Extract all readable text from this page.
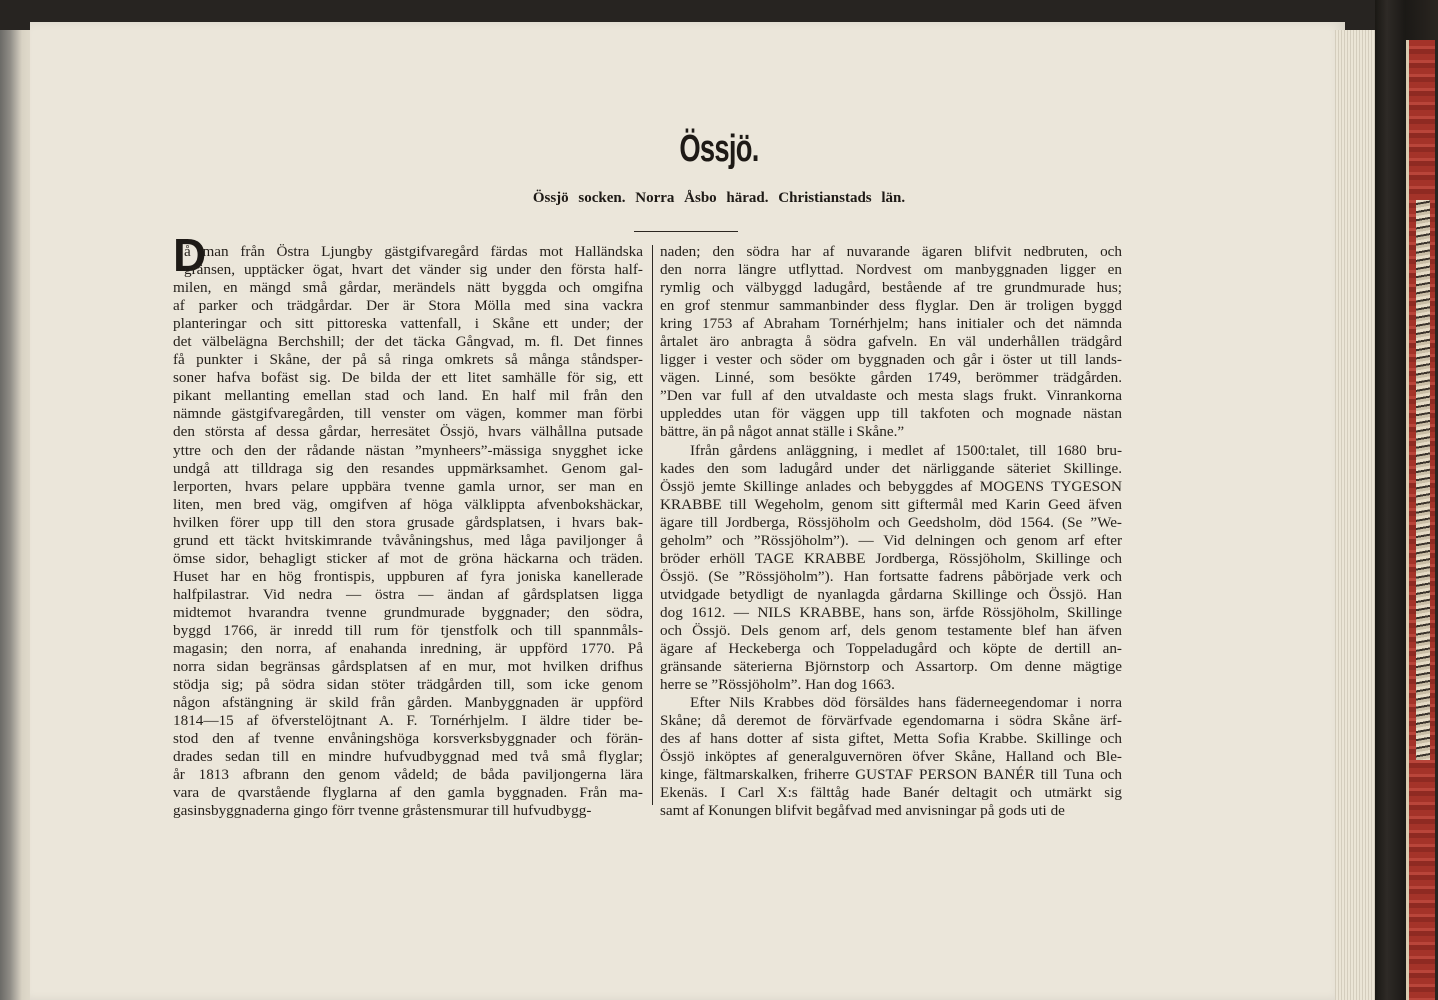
Össjö.
Össjö socken. Norra Åsbo härad. Christianstads län.
D
å man från Östra Ljungby gästgifvaregård färdas mot Halländska
gränsen, upptäcker ögat, hvart det vänder sig under den första half-
milen, en mängd små gårdar, merändels nätt byggda och omgifna
af parker och trädgårdar. Der är Stora Mölla med sina vackra
planteringar och sitt pittoreska vattenfall, i Skåne ett under; der
det välbelägna Berchshill; der det täcka Gångvad, m. fl. Det finnes
få punkter i Skåne, der på så ringa omkrets så många ståndsper-
soner hafva bofäst sig. De bilda der ett litet samhälle för sig, ett
pikant mellanting emellan stad och land. En half mil från den
nämnde gästgifvaregården, till venster om vägen, kommer man förbi
den största af dessa gårdar, herresätet Össjö, hvars välhållna putsade
yttre och den der rådande nästan ”mynheers”-mässiga snygghet icke
undgå att tilldraga sig den resandes uppmärksamhet. Genom gal-
lerporten, hvars pelare uppbära tvenne gamla urnor, ser man en
liten, men bred väg, omgifven af höga välklippta afvenbokshäckar,
hvilken förer upp till den stora grusade gårdsplatsen, i hvars bak-
grund ett täckt hvitskimrande tvåvåningshus, med låga paviljonger å
ömse sidor, behagligt sticker af mot de gröna häckarna och träden.
Huset har en hög frontispis, uppburen af fyra joniska kanellerade
halfpilastrar. Vid nedra — östra — ändan af gårdsplatsen ligga
midtemot hvarandra tvenne grundmurade byggnader; den södra,
byggd 1766, är inredd till rum för tjenstfolk och till spannmåls-
magasin; den norra, af enahanda inredning, är uppförd 1770. På
norra sidan begränsas gårdsplatsen af en mur, mot hvilken drifhus
stödja sig; på södra sidan stöter trädgården till, som icke genom
någon afstängning är skild från gården. Manbyggnaden är uppförd
1814—15 af öfverstelöjtnant A. F. Tornérhjelm. I äldre tider be-
stod den af tvenne envåningshöga korsverksbyggnader och förän-
drades sedan till en mindre hufvudbyggnad med två små flyglar;
år 1813 afbrann den genom vådeld; de båda paviljongerna lära
vara de qvarstående flyglarna af den gamla byggnaden. Från ma-
gasinsbyggnaderna gingo förr tvenne gråstensmurar till hufvudbygg-
naden; den södra har af nuvarande ägaren blifvit nedbruten, och
den norra längre utflyttad. Nordvest om manbyggnaden ligger en
rymlig och välbyggd ladugård, bestående af tre grundmurade hus;
en grof stenmur sammanbinder dess flyglar. Den är troligen byggd
kring 1753 af Abraham Tornérhjelm; hans initialer och det nämnda
årtalet äro anbragta å södra gafveln. En väl underhållen trädgård
ligger i vester och söder om byggnaden och går i öster ut till lands-
vägen. Linné, som besökte gården 1749, berömmer trädgården.
”Den var full af den utvaldaste och mesta slags frukt. Vinrankorna
uppleddes utan för väggen upp till takfoten och mognade nästan
bättre, än på något annat ställe i Skåne.”
Ifrån gårdens anläggning, i medlet af 1500:talet, till 1680 bru-
kades den som ladugård under det närliggande säteriet Skillinge.
Össjö jemte Skillinge anlades och bebyggdes af MOGENS TYGESON
KRABBE till Wegeholm, genom sitt giftermål med Karin Geed äfven
ägare till Jordberga, Rössjöholm och Geedsholm, död 1564. (Se ”We-
geholm” och ”Rössjöholm”). — Vid delningen och genom arf efter
bröder erhöll TAGE KRABBE Jordberga, Rössjöholm, Skillinge och
Össjö. (Se ”Rössjöholm”). Han fortsatte fadrens påbörjade verk och
utvidgade betydligt de nyanlagda gårdarna Skillinge och Össjö. Han
dog 1612. — NILS KRABBE, hans son, ärfde Rössjöholm, Skillinge
och Össjö. Dels genom arf, dels genom testamente blef han äfven
ägare af Heckeberga och Toppeladugård och köpte de dertill an-
gränsande säterierna Björnstorp och Assartorp. Om denne mägtige
herre se ”Rössjöholm”. Han dog 1663.
Efter Nils Krabbes död försäldes hans fäderneegendomar i norra
Skåne; då deremot de förvärfvade egendomarna i södra Skåne ärf-
des af hans dotter af sista giftet, Metta Sofia Krabbe. Skillinge och
Össjö inköptes af generalguvernören öfver Skåne, Halland och Ble-
kinge, fältmarskalken, friherre GUSTAF PERSON BANÉR till Tuna och
Ekenäs. I Carl X:s fälttåg hade Banér deltagit och utmärkt sig
samt af Konungen blifvit begåfvad med anvisningar på gods uti de
